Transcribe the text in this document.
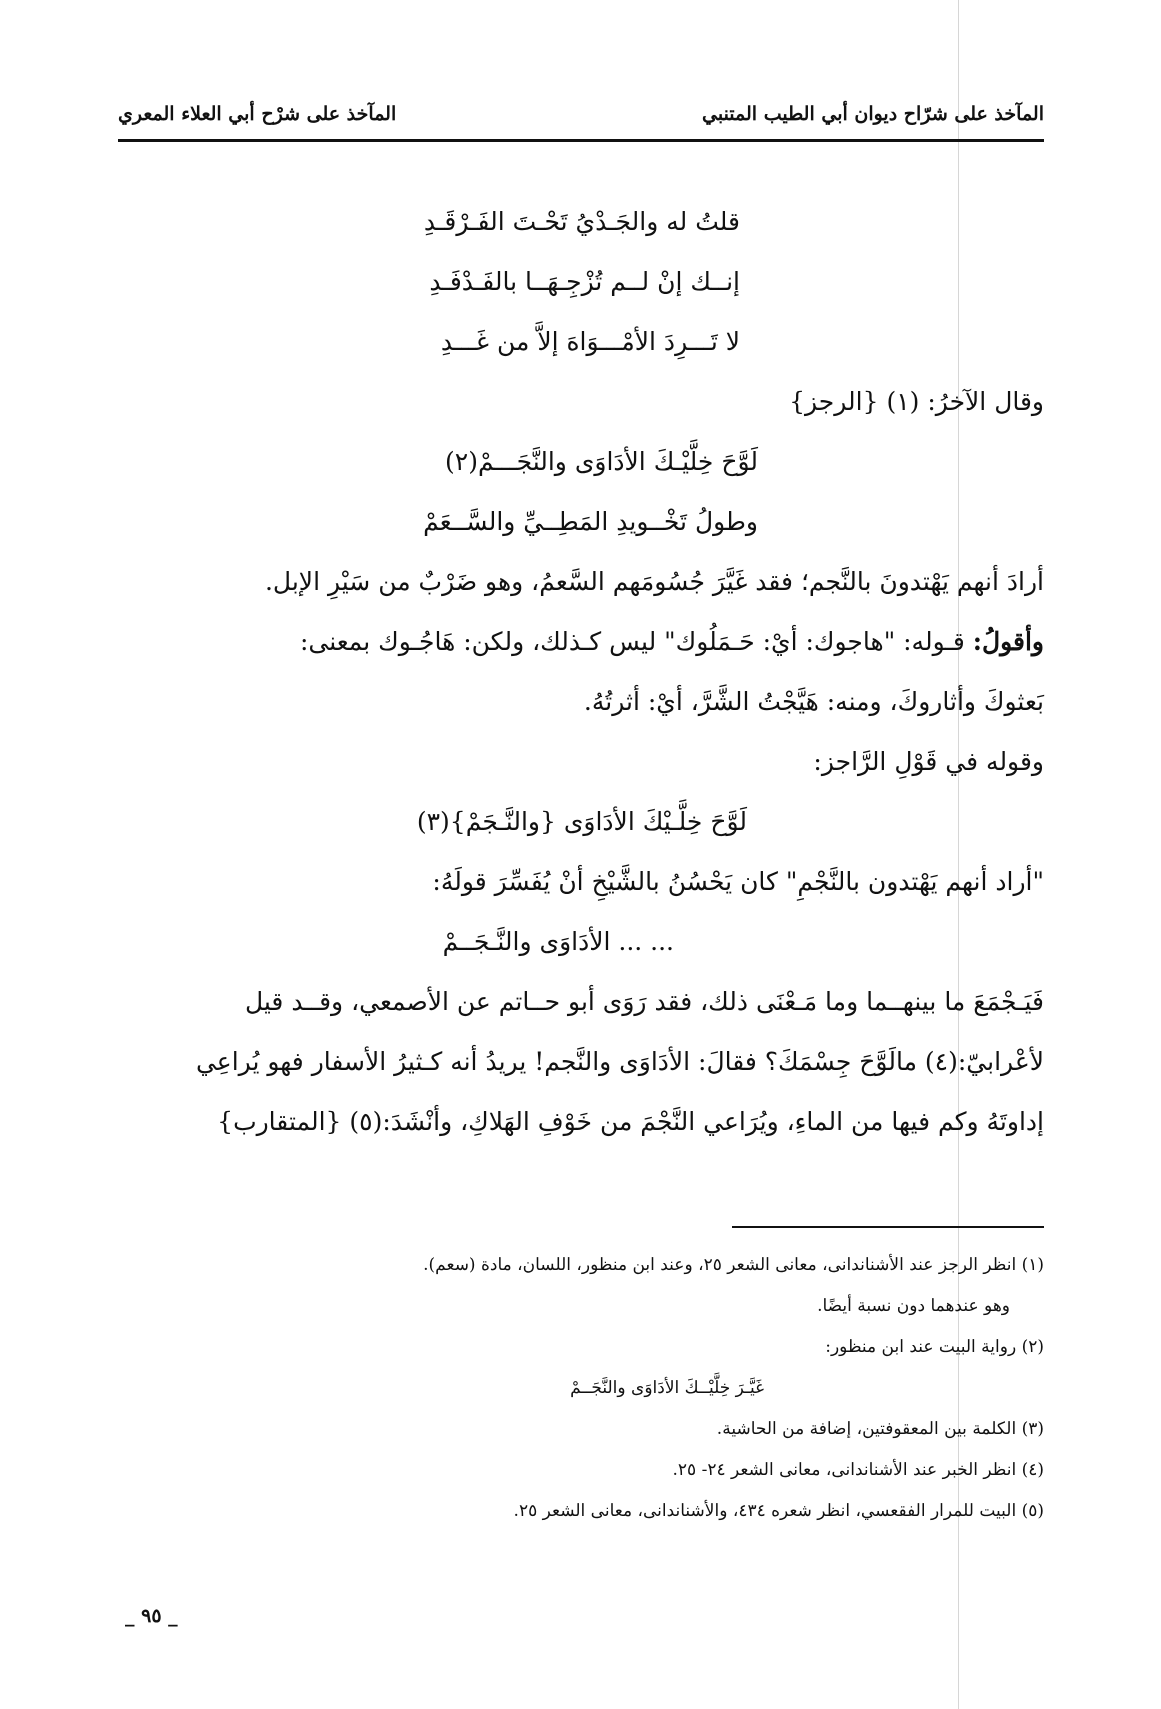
المآخذ على شرّاح ديوان أبي الطيب المتنبي
المآخذ على شرْح أبي العلاء المعري
قلتُ له والجَـدْيُ تَحْـتَ الفَـرْقَـدِ
إنــك إنْ لــم تُزْجِـهَــا بالفَـدْفَـدِ
لا تَـــرِدَ الأمْـــوَاهَ إلاَّ من غَـــدِ
وقال الآخرُ: (١) {الرجز}
لَوَّحَ خِلَّيْـكَ الأدَاوَى والنَّجَـــمْ(٢)
وطولُ تَخْــويدِ المَطِــيِّ والسَّــعَمْ
أرادَ أنهم يَهْتدونَ بالنَّجم؛ فقد غَيَّرَ جُسُومَهم السَّعمُ، وهو ضَرْبٌ من سَيْرِ الإبل.
وأقولُ: قـوله: "هاجوك: أيْ: حَـمَلُوك" ليس كـذلك، ولكن: هَاجُـوك بمعنى:
بَعثوكَ وأثاروكَ، ومنه: هَيَّجْتُ الشَّرَّ، أيْ: أثرتُهُ.
وقوله في قَوْلِ الرَّاجز:
لَوَّحَ خِلَّـيْكَ الأدَاوَى {والنَّـجَمْ}(٣)
"أراد أنهم يَهْتدون بالنَّجْمِ" كان يَحْسُنُ بالشَّيْخِ أنْ يُفَسِّرَ قولَهُ:
... ... الأدَاوَى والنَّـجَــمْ
فَيَـجْمَعَ ما بينهــما وما مَـعْنَى ذلك، فقد رَوَى أبو حــاتم عن الأصمعي، وقــد قيل
لأعْرابيّ:(٤) مالَوَّحَ جِسْمَكَ؟ فقالَ: الأدَاوَى والنَّجم! يريدُ أنه كـثيرُ الأسفار فهو يُراعِي
إداوتَهُ وكم فيها من الماءِ، ويُرَاعي النَّجْمَ من خَوْفِ الهَلاكِ، وأنْشَدَ:(٥) {المتقارب}
(١) انظر الرجز عند الأشناندانى، معانى الشعر ٢٥، وعند ابن منظور، اللسان، مادة (سعم).
وهو عندهما دون نسبة أيضًا.
(٢) رواية البيت عند ابن منظور:
غَيَّـرَ خِلَّيْــكَ الأدَاوَى والنَّجَــمْ
(٣) الكلمة بين المعقوفتين، إضافة من الحاشية.
(٤) انظر الخبر عند الأشناندانى، معانى الشعر ٢٤- ٢٥.
(٥) البيت للمرار الفقعسي، انظر شعره ٤٣٤، والأشناندانى، معانى الشعر ٢٥.
_ ٩٥ _
